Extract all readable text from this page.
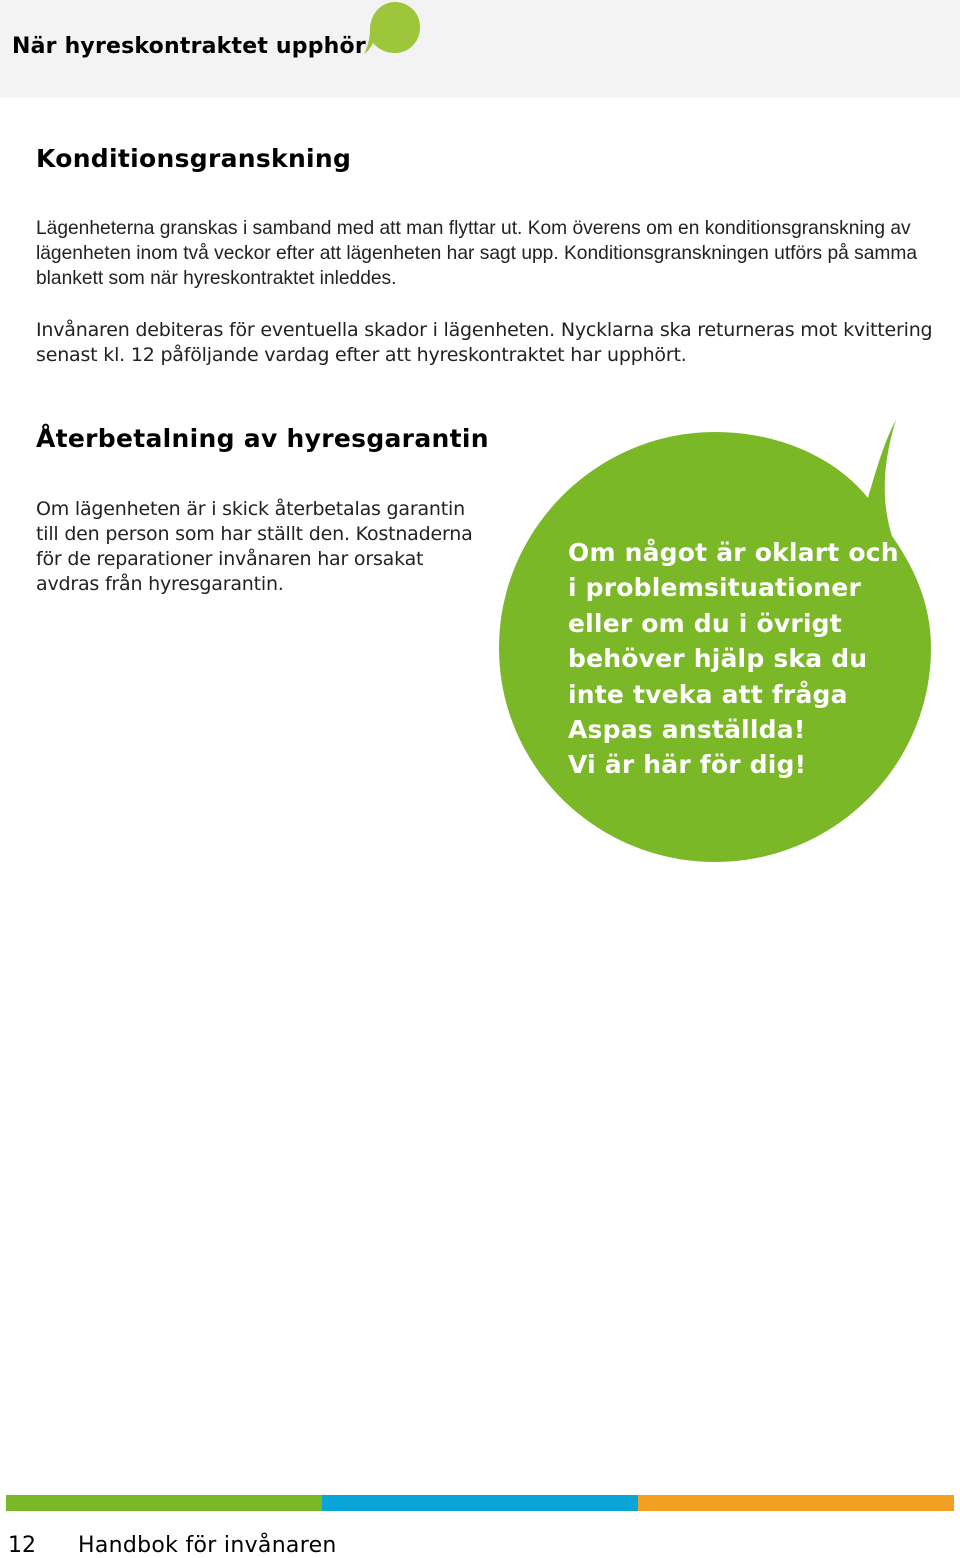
När hyreskontraktet upphör
Konditionsgranskning

Lägenheterna granskas i samband med att man flyttar ut. Kom överens om en konditionsgranskning av lägenheten inom två veckor efter att lägenheten har sagt upp. Konditionsgranskningen utförs på samma blankett som när hyreskontraktet inleddes.

Invånaren debiteras för eventuella skador i lägenheten. Nycklarna ska returneras mot kvittering senast kl. 12 påföljande vardag efter att hyreskontraktet har upphört.

Återbetalning av hyresgarantin

Om lägenheten är i skick återbetalas garantin till den person som har ställt den. Kostnaderna för de reparationer invånaren har orsakat avdras från hyresgarantin.

Om något är oklart och
i problemsituationer
eller om du i övrigt
behöver hjälp ska du
inte tveka att fråga
Aspas anställda!
Vi är här för dig!
12 Handbok för invånaren
